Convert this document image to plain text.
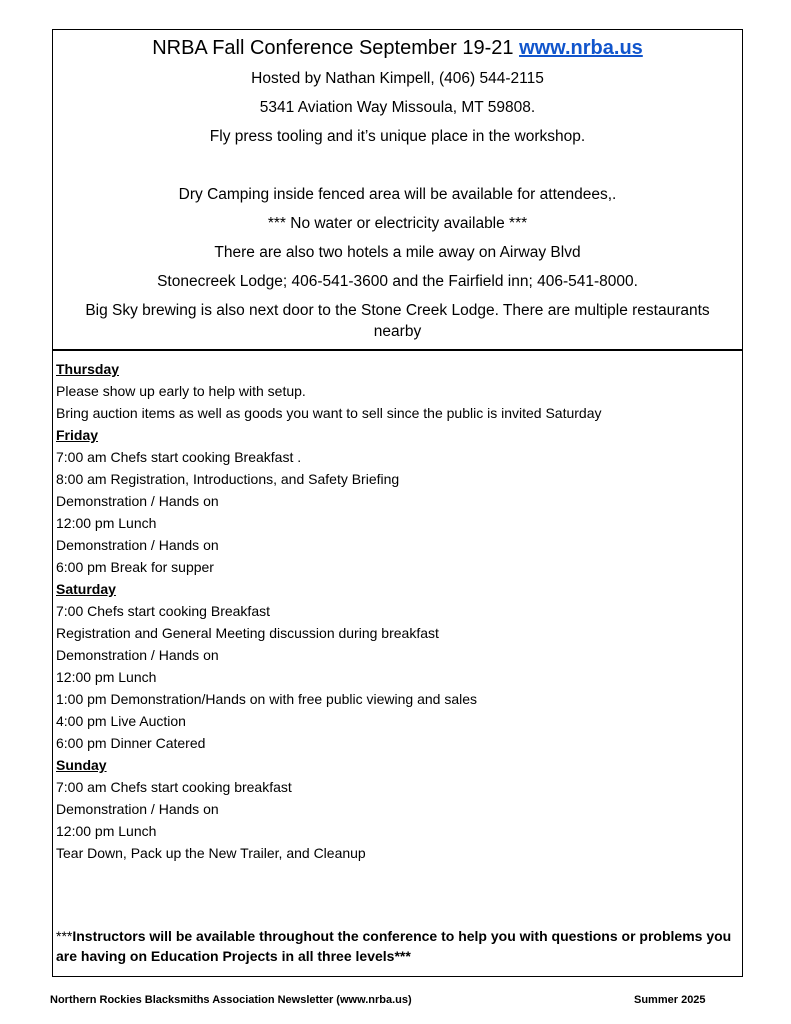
NRBA Fall Conference September 19-21 www.nrba.us
Hosted by Nathan Kimpell, (406) 544-2115
5341 Aviation Way Missoula, MT 59808.
Fly press tooling and it’s unique place in the workshop.
Dry Camping inside fenced area will be available for attendees,.
*** No water or electricity available ***
There are also two hotels a mile away on Airway Blvd
Stonecreek Lodge; 406-541-3600 and the Fairfield inn; 406-541-8000.
Big Sky brewing is also next door to the Stone Creek Lodge. There are multiple restaurants nearby
Thursday
Please show up early to help with setup.
Bring auction items as well as goods you want to sell since the public is invited Saturday
Friday
7:00 am Chefs start cooking Breakfast .
8:00 am Registration, Introductions, and Safety Briefing
Demonstration / Hands on
12:00 pm Lunch
Demonstration / Hands on
6:00 pm Break for supper
Saturday
7:00 Chefs start cooking Breakfast
Registration and General Meeting discussion during breakfast
Demonstration / Hands on
12:00 pm Lunch
1:00 pm Demonstration/Hands on with free public viewing and sales
4:00 pm Live Auction
6:00 pm Dinner Catered
Sunday
7:00 am Chefs start cooking breakfast
Demonstration / Hands on
12:00 pm Lunch
Tear Down, Pack up the New Trailer, and Cleanup
***Instructors will be available throughout the conference to help you with questions or problems you are having on Education Projects in all three levels***
Northern Rockies Blacksmiths Association Newsletter (www.nrba.us)	Summer 2025
